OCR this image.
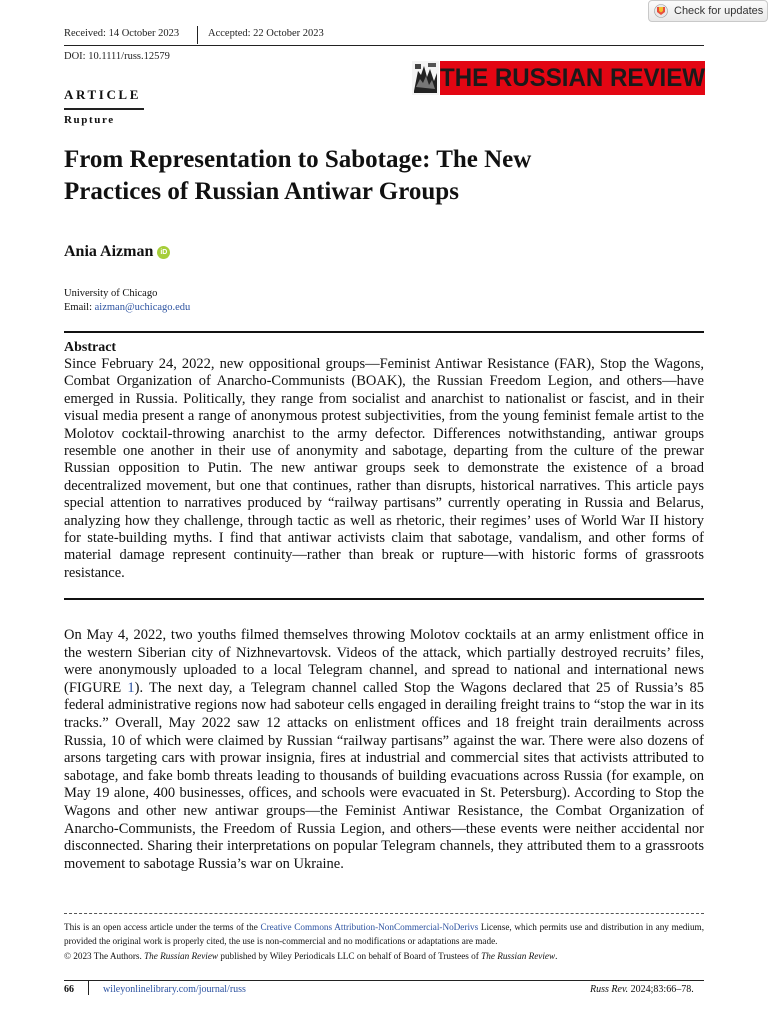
Check for updates
Received: 14 October 2023	Accepted: 22 October 2023
DOI: 10.1111/russ.12579
THE RUSSIAN REVIEW
ARTICLE
Rupture
From Representation to Sabotage: The New
Practices of Russian Antiwar Groups
Ania Aizman	iD
University of Chicago
Email: aizman@uchicago.edu
Abstract
Since February 24, 2022, new oppositional groups—Feminist Antiwar Resistance (FAR), Stop the Wagons, Combat Organization of Anarcho-Communists (BOAK), the Russian Freedom Legion, and others—have emerged in Russia. Politically, they range from socialist and anarchist to nationalist or fascist, and in their visual media present a range of anonymous protest subjectivities, from the young feminist female artist to the Molotov cocktail-throwing anarchist to the army defector. Differences notwithstanding, antiwar groups resemble one another in their use of anonymity and sabotage, departing from the culture of the prewar Russian opposition to Putin. The new antiwar groups seek to demonstrate the existence of a broad decentralized movement, but one that continues, rather than disrupts, historical narratives. This article pays special attention to narratives produced by “railway partisans” currently operating in Russia and Belarus, analyzing how they challenge, through tactic as well as rhetoric, their regimes’ uses of World War II history for state-building myths. I find that antiwar activists claim that sabotage, vandalism, and other forms of material damage represent continuity—rather than break or rupture—with historic forms of grassroots resistance.
On May 4, 2022, two youths filmed themselves throwing Molotov cocktails at an army enlistment office in the western Siberian city of Nizhnevartovsk. Videos of the attack, which partially destroyed recruits’ files, were anonymously uploaded to a local Telegram channel, and spread to national and international news (FIGURE 1). The next day, a Telegram channel called Stop the Wagons declared that 25 of Russia’s 85 federal administrative regions now had saboteur cells engaged in derailing freight trains to “stop the war in its tracks.” Overall, May 2022 saw 12 attacks on enlistment offices and 18 freight train derailments across Russia, 10 of which were claimed by Russian “railway partisans” against the war. There were also dozens of arsons targeting cars with prowar insignia, fires at industrial and commercial sites that activists attributed to sabotage, and fake bomb threats leading to thousands of building evacuations across Russia (for example, on May 19 alone, 400 businesses, offices, and schools were evacuated in St. Petersburg). According to Stop the Wagons and other new antiwar groups—the Feminist Antiwar Resistance, the Combat Organization of Anarcho-Communists, the Freedom of Russia Legion, and others—these events were neither accidental nor disconnected. Sharing their interpretations on popular Telegram channels, they attributed them to a grassroots movement to sabotage Russia’s war on Ukraine.
This is an open access article under the terms of the Creative Commons Attribution-NonCommercial-NoDerivs License, which permits use and distribution in any medium, provided the original work is properly cited, the use is non-commercial and no modifications or adaptations are made.
© 2023 The Authors. The Russian Review published by Wiley Periodicals LLC on behalf of Board of Trustees of The Russian Review.
66	wileyonlinelibrary.com/journal/russ	Russ Rev. 2024;83:66–78.
